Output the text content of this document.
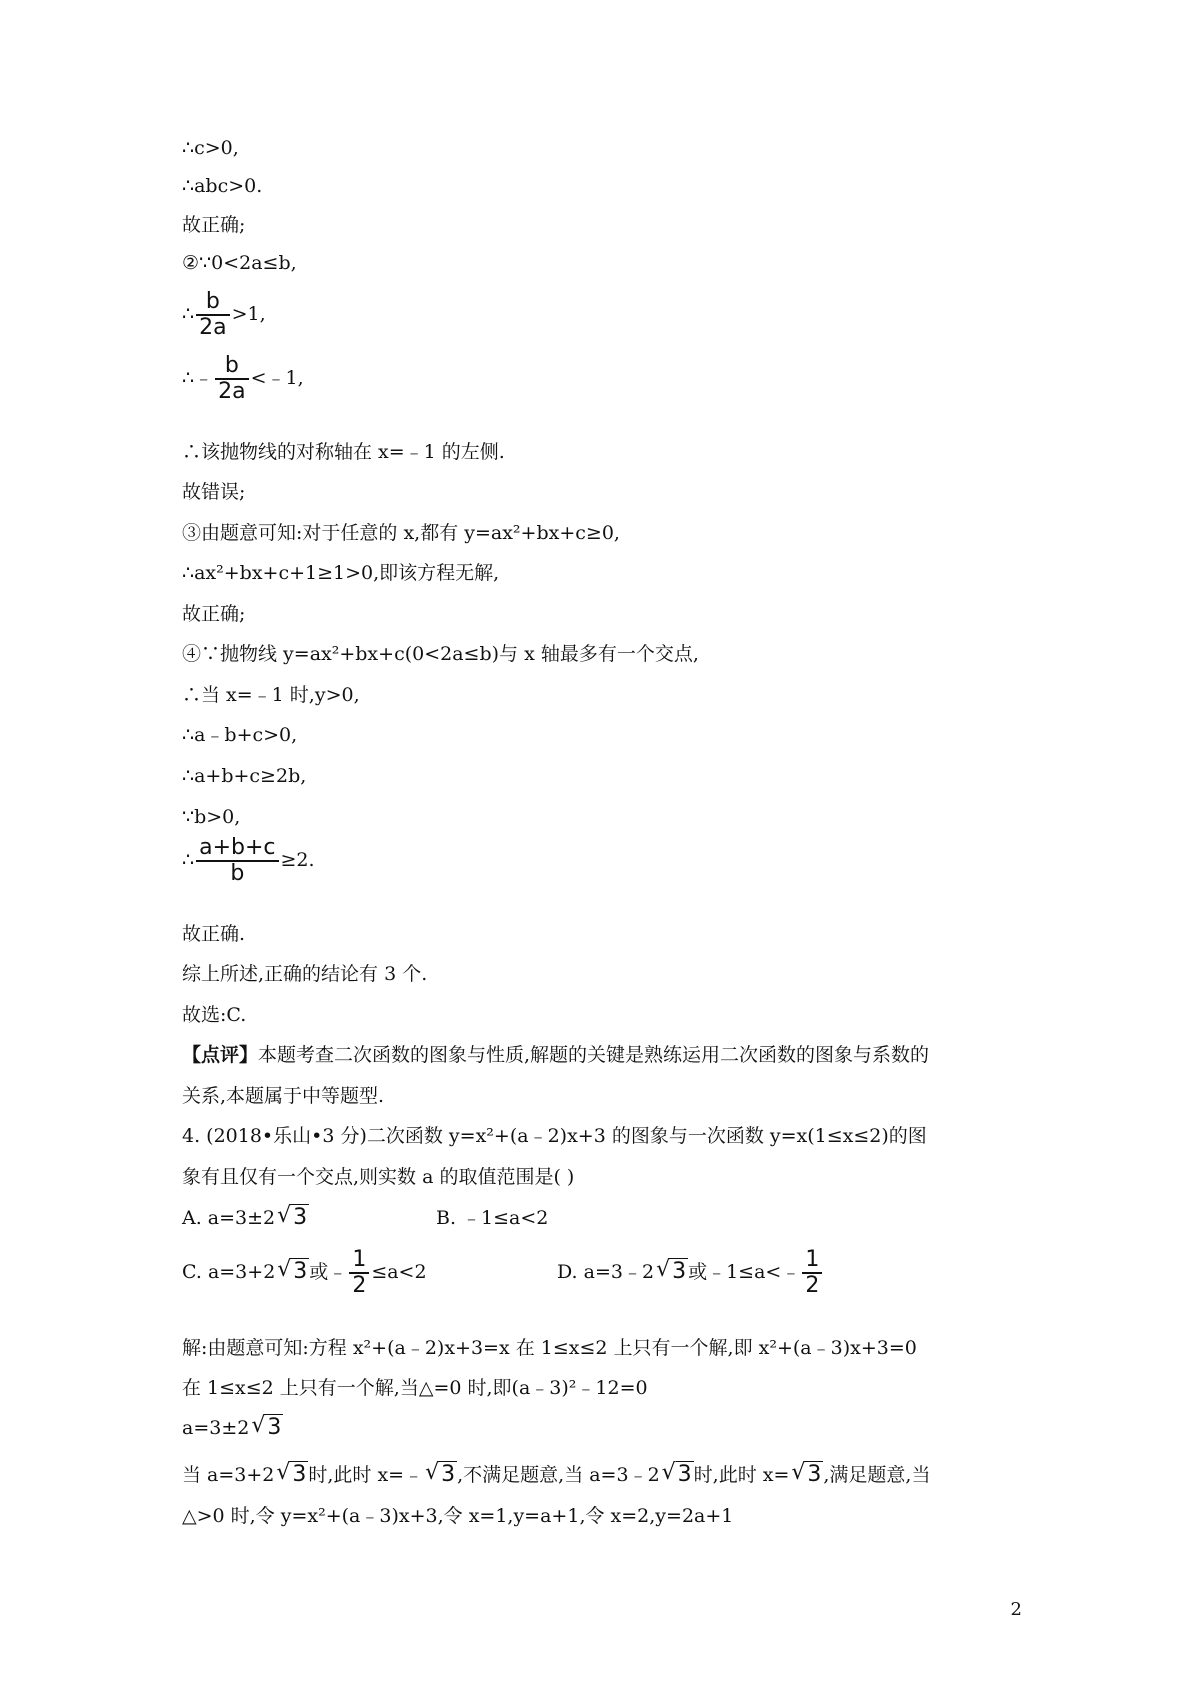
∴c>0,
∴abc>0.
故正确;
②∵0<2a≤b,
∴ $\frac{b}{2a} >1$,
∴﹣ $\frac{b}{2a}$ <﹣1,
∴该抛物线的对称轴在 x=﹣1 的左侧.
故错误;
③由题意可知:对于任意的 x,都有 y=ax²+bx+c≥0,
∴ax²+bx+c+1≥1>0,即该方程无解,
故正确;
④∵抛物线 y=ax²+bx+c(0<2a≤b)与 x 轴最多有一个交点,
∴当 x=﹣1 时,y>0,
∴a﹣b+c>0,
∴a+b+c≥2b,
∵b>0,
∴ $\frac{a+b+c}{b} \ge 2$.
故正确.
综上所述,正确的结论有 3 个.
故选:C.
【点评】本题考查二次函数的图象与性质,解题的关键是熟练运用二次函数的图象与系数的
关系,本题属于中等题型.
4. (2018•乐山•3 分)二次函数 y=x²+(a﹣2)x+3 的图象与一次函数 y=x(1≤x≤2)的图
象有且仅有一个交点,则实数 a 的取值范围是( )
A. a=3±2 √ 3	B. ﹣1≤a<2
C. a=3+2 √ 3 或﹣ $\frac{1}{2} \le a<2$	D. a=3﹣2 √ 3 或﹣1≤a<﹣ $\frac{1}{2}$
解:由题意可知:方程 x²+(a﹣2)x+3=x 在 1≤x≤2 上只有一个解,即 x²+(a﹣3)x+3=0
在 1≤x≤2 上只有一个解,当△=0 时,即(a﹣3)²﹣12=0
a=3±2 √ 3
当 a=3+2 √ 3 时,此时 x=﹣ √ 3 ,不满足题意,当 a=3﹣2 √ 3 时,此时 x= √ 3 ,满足题意,当
△>0 时,令 y=x²+(a﹣3)x+3,令 x=1,y=a+1,令 x=2,y=2a+1
2
